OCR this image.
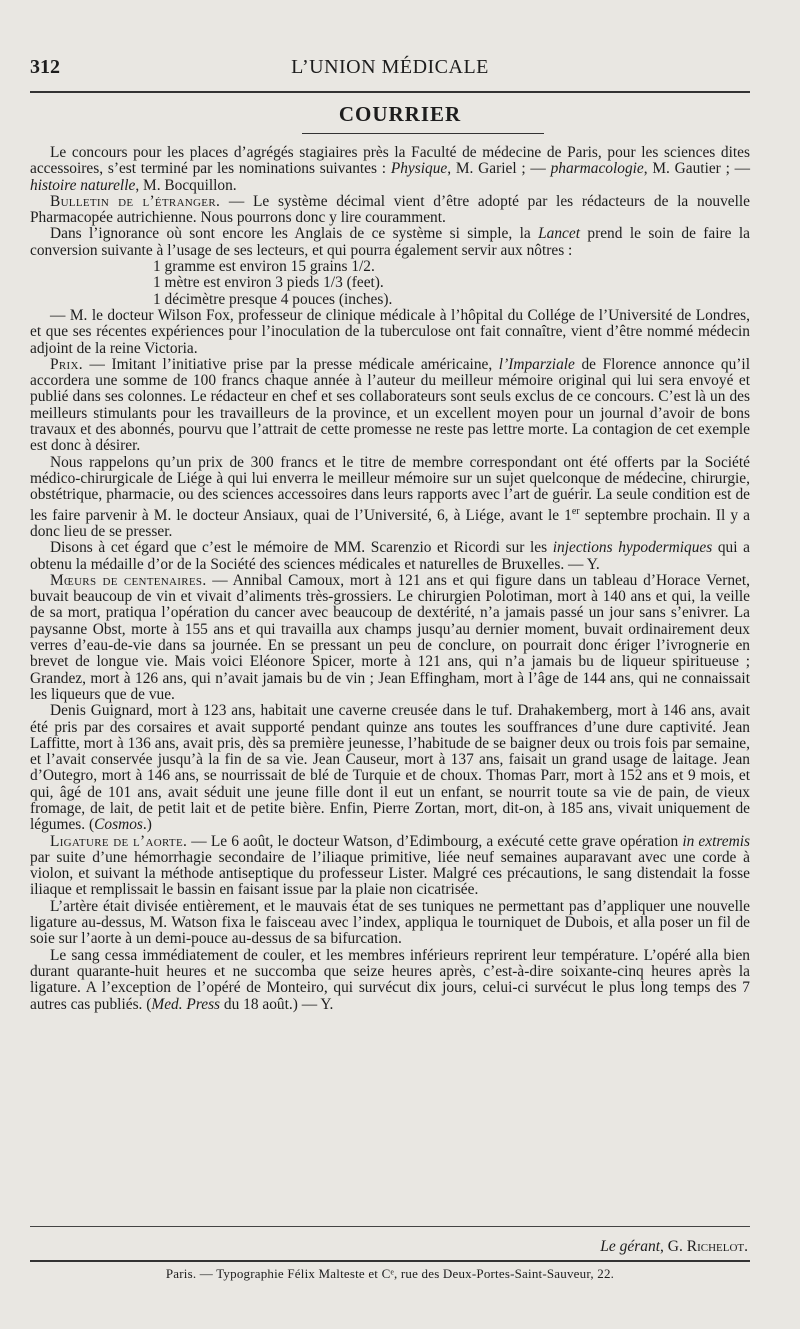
312	L’UNION MÉDICALE
COURRIER

Le concours pour les places d’agrégés stagiaires près la Faculté de médecine de Paris, pour les sciences dites accessoires, s’est terminé par les nominations suivantes : Physique, M. Gariel ; — pharmacologie, M. Gautier ; — histoire naturelle, M. Bocquillon.

Bulletin de l’étranger. — Le système décimal vient d’être adopté par les rédacteurs de la nouvelle Pharmacopée autrichienne. Nous pourrons donc y lire couramment.

Dans l’ignorance où sont encore les Anglais de ce système si simple, la Lancet prend le soin de faire la conversion suivante à l’usage de ses lecteurs, et qui pourra également servir aux nôtres :

1 gramme est environ 15 grains 1/2.
1 mètre est environ 3 pieds 1/3 (feet).
1 décimètre presque 4 pouces (inches).

— M. le docteur Wilson Fox, professeur de clinique médicale à l’hôpital du Collége de l’Université de Londres, et que ses récentes expériences pour l’inoculation de la tuberculose ont fait connaître, vient d’être nommé médecin adjoint de la reine Victoria.

Prix. — Imitant l’initiative prise par la presse médicale américaine, l’Imparziale de Florence annonce qu’il accordera une somme de 100 francs chaque année à l’auteur du meilleur mémoire original qui lui sera envoyé et publié dans ses colonnes. Le rédacteur en chef et ses collaborateurs sont seuls exclus de ce concours. C’est là un des meilleurs stimulants pour les travailleurs de la province, et un excellent moyen pour un journal d’avoir de bons travaux et des abonnés, pourvu que l’attrait de cette promesse ne reste pas lettre morte. La contagion de cet exemple est donc à désirer.

Nous rappelons qu’un prix de 300 francs et le titre de membre correspondant ont été offerts par la Société médico-chirurgicale de Liége à qui lui enverra le meilleur mémoire sur un sujet quelconque de médecine, chirurgie, obstétrique, pharmacie, ou des sciences accessoires dans leurs rapports avec l’art de guérir. La seule condition est de les faire parvenir à M. le docteur Ansiaux, quai de l’Université, 6, à Liége, avant le 1er septembre prochain. Il y a donc lieu de se presser.

Disons à cet égard que c’est le mémoire de MM. Scarenzio et Ricordi sur les injections hypodermiques qui a obtenu la médaille d’or de la Société des sciences médicales et naturelles de Bruxelles. — Y.

Mœurs de centenaires. — Annibal Camoux, mort à 121 ans et qui figure dans un tableau d’Horace Vernet, buvait beaucoup de vin et vivait d’aliments très-grossiers. Le chirurgien Polotiman, mort à 140 ans et qui, la veille de sa mort, pratiqua l’opération du cancer avec beaucoup de dextérité, n’a jamais passé un jour sans s’enivrer. La paysanne Obst, morte à 155 ans et qui travailla aux champs jusqu’au dernier moment, buvait ordinairement deux verres d’eau-de-vie dans sa journée. En se pressant un peu de conclure, on pourrait donc ériger l’ivrognerie en brevet de longue vie. Mais voici Eléonore Spicer, morte à 121 ans, qui n’a jamais bu de liqueur spiritueuse ; Grandez, mort à 126 ans, qui n’avait jamais bu de vin ; Jean Effingham, mort à l’âge de 144 ans, qui ne connaissait les liqueurs que de vue.

Denis Guignard, mort à 123 ans, habitait une caverne creusée dans le tuf. Drahakemberg, mort à 146 ans, avait été pris par des corsaires et avait supporté pendant quinze ans toutes les souffrances d’une dure captivité. Jean Laffitte, mort à 136 ans, avait pris, dès sa première jeunesse, l’habitude de se baigner deux ou trois fois par semaine, et l’avait conservée jusqu’à la fin de sa vie. Jean Causeur, mort à 137 ans, faisait un grand usage de laitage. Jean d’Outegro, mort à 146 ans, se nourrissait de blé de Turquie et de choux. Thomas Parr, mort à 152 ans et 9 mois, et qui, âgé de 101 ans, avait séduit une jeune fille dont il eut un enfant, se nourrit toute sa vie de pain, de vieux fromage, de lait, de petit lait et de petite bière. Enfin, Pierre Zortan, mort, dit-on, à 185 ans, vivait uniquement de légumes. (Cosmos.)

Ligature de l’aorte. — Le 6 août, le docteur Watson, d’Edimbourg, a exécuté cette grave opération in extremis par suite d’une hémorrhagie secondaire de l’iliaque primitive, liée neuf semaines auparavant avec une corde à violon, et suivant la méthode antiseptique du professeur Lister. Malgré ces précautions, le sang distendait la fosse iliaque et remplissait le bassin en faisant issue par la plaie non cicatrisée.

L’artère était divisée entièrement, et le mauvais état de ses tuniques ne permettant pas d’appliquer une nouvelle ligature au-dessus, M. Watson fixa le faisceau avec l’index, appliqua le tourniquet de Dubois, et alla poser un fil de soie sur l’aorte à un demi-pouce au-dessus de sa bifurcation.

Le sang cessa immédiatement de couler, et les membres inférieurs reprirent leur température. L’opéré alla bien durant quarante-huit heures et ne succomba que seize heures après, c’est-à-dire soixante-cinq heures après la ligature. A l’exception de l’opéré de Monteiro, qui survécut dix jours, celui-ci survécut le plus long temps des 7 autres cas publiés. (Med. Press du 18 août.) — Y.

Le gérant, G. Richelot.
Paris. — Typographie Félix Malteste et Cᵉ, rue des Deux-Portes-Saint-Sauveur, 22.
